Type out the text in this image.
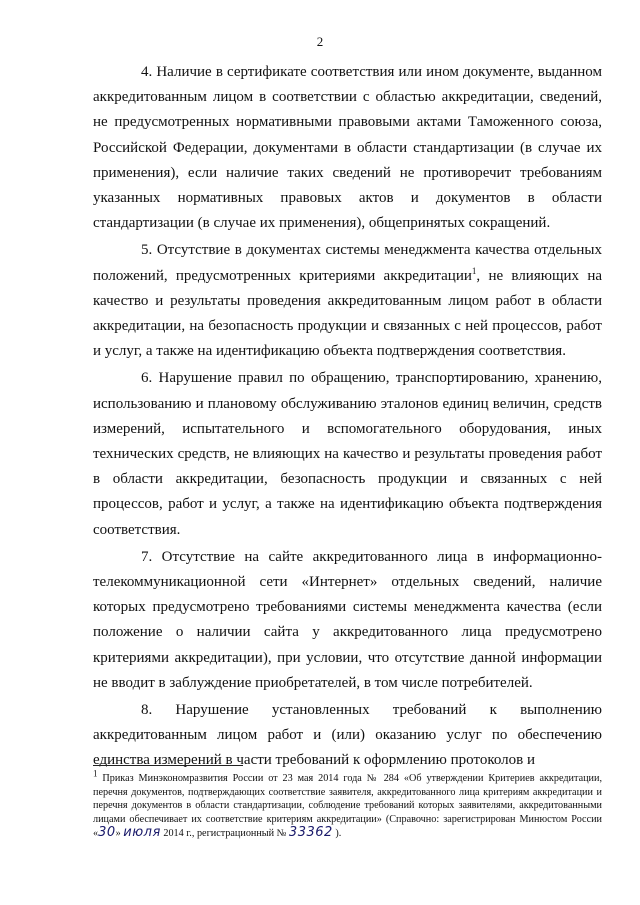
2

4. Наличие в сертификате соответствия или ином документе, выданном аккредитованным лицом в соответствии с областью аккредитации, сведений, не предусмотренных нормативными правовыми актами Таможенного союза, Российской Федерации, документами в области стандартизации (в случае их применения), если наличие таких сведений не противоречит требованиям указанных нормативных правовых актов и документов в области стандартизации (в случае их применения), общепринятых сокращений.

5. Отсутствие в документах системы менеджмента качества отдельных положений, предусмотренных критериями аккредитации$^1$, не влияющих на качество и результаты проведения аккредитованным лицом работ в области аккредитации, на безопасность продукции и связанных с ней процессов, работ и услуг, а также на идентификацию объекта подтверждения соответствия.

6. Нарушение правил по обращению, транспортированию, хранению, использованию и плановому обслуживанию эталонов единиц величин, средств измерений, испытательного и вспомогательного оборудования, иных технических средств, не влияющих на качество и результаты проведения работ в области аккредитации, безопасность продукции и связанных с ней процессов, работ и услуг, а также на идентификацию объекта подтверждения соответствия.

7. Отсутствие на сайте аккредитованного лица в информационно-телекоммуникационной сети «Интернет» отдельных сведений, наличие которых предусмотрено требованиями системы менеджмента качества (если положение о наличии сайта у аккредитованного лица предусмотрено критериями аккредитации), при условии, что отсутствие данной информации не вводит в заблуждение приобретателей, в том числе потребителей.

8. Нарушение установленных требований к выполнению аккредитованным лицом работ и (или) оказанию услуг по обеспечению единства измерений в части требований к оформлению протоколов и

1 Приказ Минэкономразвития России от 23 мая 2014 года № 284 «Об утверждении Критериев аккредитации, перечня документов, подтверждающих соответствие заявителя, аккредитованного лица критериям аккредитации и перечня документов в области стандартизации, соблюдение требований которых заявителями, аккредитованными лицами обеспечивает их соответствие критериям аккредитации» (Справочно: зарегистрирован Минюстом России «30» июля 2014 г., регистрационный № 33362 ).
